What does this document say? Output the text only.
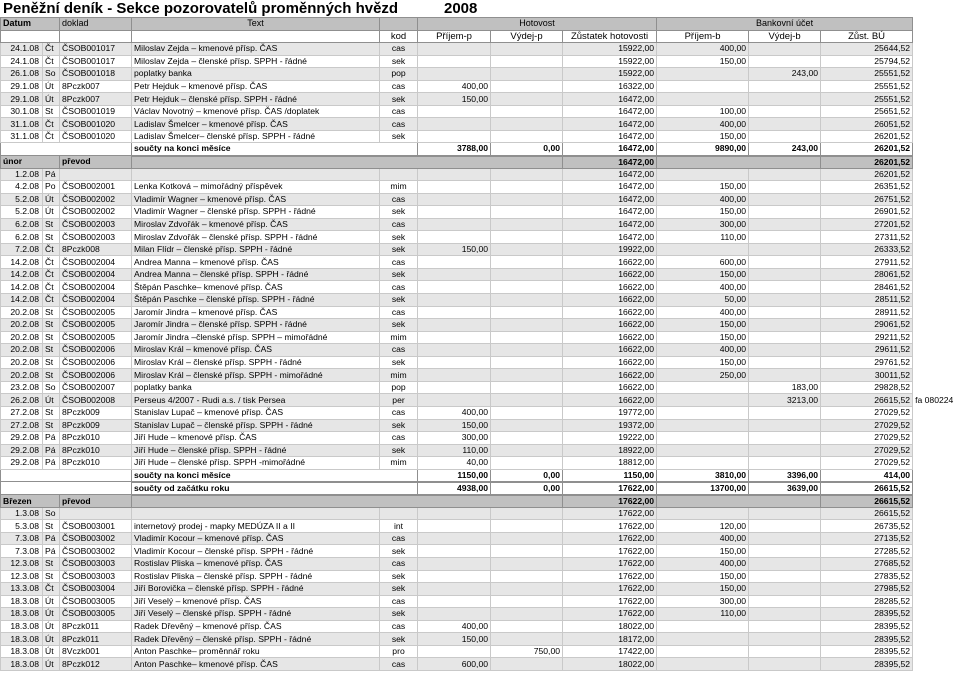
Peněžní deník - Sekce pozorovatelů proměnných hvězd	2008
Datum		doklad	Text		Hotovost			Bankovní účet			
				kod	Příjem-p	Výdej-p	Zůstatek hotovosti	Příjem-b	Výdej-b	Zůst. BÚ	
24.1.08	Čt	ČSOB001017	Miloslav Zejda – kmenové přísp. ČAS	cas			15922,00	400,00		25644,52	
24.1.08	Čt	ČSOB001017	Miloslav Zejda – členské přísp. SPPH - řádné	sek			15922,00	150,00		25794,52	
26.1.08	So	ČSOB001018	poplatky banka	pop			15922,00		243,00	25551,52	
29.1.08	Út	8Pczk007	Petr Hejduk – kmenové přísp. ČAS	cas	400,00		16322,00			25551,52	
29.1.08	Út	8Pczk007	Petr Hejduk – členské přísp. SPPH - řádné	sek	150,00		16472,00			25551,52	
30.1.08	St	ČSOB001019	Václav Novotný – kmenové přísp. ČAS /doplatek	cas			16472,00	100,00		25651,52	
31.1.08	Čt	ČSOB001020	Ladislav Šmelcer – kmenové přísp. ČAS	cas			16472,00	400,00		26051,52	
31.1.08	Čt	ČSOB001020	Ladislav Šmelcer– členské přísp. SPPH - řádné	sek			16472,00	150,00		26201,52	
			součty na konci měsíce		3788,00	0,00	16472,00	9890,00	243,00	26201,52	
únor		převod					16472,00			26201,52	
1.2.08	Pá						16472,00			26201,52	
4.2.08	Po	ČSOB002001	Lenka Kotková – mimořádný příspěvek	mim			16472,00	150,00		26351,52	
5.2.08	Út	ČSOB002002	Vladimír Wagner – kmenové přísp. ČAS	cas			16472,00	400,00		26751,52	
5.2.08	Út	ČSOB002002	Vladimír Wagner – členské přísp. SPPH - řádné	sek			16472,00	150,00		26901,52	
6.2.08	St	ČSOB002003	Miroslav Zdvořák – kmenové přísp. ČAS	cas			16472,00	300,00		27201,52	
6.2.08	St	ČSOB002003	Miroslav Zdvořák – členské přísp. SPPH - řádné	sek			16472,00	110,00		27311,52	
7.2.08	Čt	8Pczk008	Milan Flídr – členské přísp. SPPH - řádné	sek	150,00		19922,00			26333,52	
14.2.08	Čt	ČSOB002004	Andrea Manna – kmenové přísp. ČAS	cas			16622,00	600,00		27911,52	
14.2.08	Čt	ČSOB002004	Andrea Manna – členské přísp. SPPH - řádné	sek			16622,00	150,00		28061,52	
14.2.08	Čt	ČSOB002004	Štěpán Paschke– kmenové přísp. ČAS	cas			16622,00	400,00		28461,52	
14.2.08	Čt	ČSOB002004	Štěpán Paschke – členské přísp. SPPH - řádné	sek			16622,00	50,00		28511,52	
20.2.08	St	ČSOB002005	Jaromír Jindra – kmenové přísp. ČAS	cas			16622,00	400,00		28911,52	
20.2.08	St	ČSOB002005	Jaromír Jindra – členské přísp. SPPH - řádné	sek			16622,00	150,00		29061,52	
20.2.08	St	ČSOB002005	Jaromír Jindra –členské přísp. SPPH – mimořádné	mim			16622,00	150,00		29211,52	
20.2.08	St	ČSOB002006	Miroslav Král – kmenové přísp. ČAS	cas			16622,00	400,00		29611,52	
20.2.08	St	ČSOB002006	Miroslav Král – členské přísp. SPPH - řádné	sek			16622,00	150,00		29761,52	
20.2.08	St	ČSOB002006	Miroslav Král – členské přísp. SPPH - mimořádné	mim			16622,00	250,00		30011,52	
23.2.08	So	ČSOB002007	poplatky banka	pop			16622,00		183,00	29828,52	
26.2.08	Út	ČSOB002008	Perseus 4/2007 - Rudi a.s. / tisk Persea	per			16622,00		3213,00	26615,52	fa 080224
27.2.08	St	8Pczk009	Stanislav Lupač – kmenové přísp. ČAS	cas	400,00		19772,00			27029,52	
27.2.08	St	8Pczk009	Stanislav Lupač – členské přísp. SPPH - řádné	sek	150,00		19372,00			27029,52	
29.2.08	Pá	8Pczk010	Jiří Hude – kmenové přísp. ČAS	cas	300,00		19222,00			27029,52	
29.2.08	Pá	8Pczk010	Jiří Hude – členské přísp. SPPH - řádné	sek	110,00		18922,00			27029,52	
29.2.08	Pá	8Pczk010	Jiří Hude – členské přísp. SPPH -mimořádné	mim	40,00		18812,00			27029,52	
			součty na konci měsíce		1150,00	0,00	1150,00	3810,00	3396,00	414,00	
			součty od začátku roku		4938,00	0,00	17622,00	13700,00	3639,00	26615,52	
Březen		převod					17622,00			26615,52	
1.3.08	So						17622,00			26615,52	
5.3.08	St	ČSOB003001	internetový prodej - mapky MEDÚZA II a II	int			17622,00	120,00		26735,52	
7.3.08	Pá	ČSOB003002	Vladimír Kocour – kmenové přísp. ČAS	cas			17622,00	400,00		27135,52	
7.3.08	Pá	ČSOB003002	Vladimír Kocour – členské přísp. SPPH - řádné	sek			17622,00	150,00		27285,52	
12.3.08	St	ČSOB003003	Rostislav Pliska – kmenové přísp. ČAS	cas			17622,00	400,00		27685,52	
12.3.08	St	ČSOB003003	Rostislav Pliska – členské přísp. SPPH - řádné	sek			17622,00	150,00		27835,52	
13.3.08	Čt	ČSOB003004	Jiří Borovička – členské přísp. SPPH - řádné	sek			17622,00	150,00		27985,52	
18.3.08	Út	ČSOB003005	Jiří Veselý – kmenové přísp. ČAS	cas			17622,00	300,00		28285,52	
18.3.08	Út	ČSOB003005	Jiří Veselý – členské přísp. SPPH - řádné	sek			17622,00	110,00		28395,52	
18.3.08	Út	8Pczk011	Radek Dřevěný – kmenové přísp. ČAS	cas	400,00		18022,00			28395,52	
18.3.08	Út	8Pczk011	Radek Dřevěný – členské přísp. SPPH - řádné	sek	150,00		18172,00			28395,52	
18.3.08	Út	8Vczk001	Anton Paschke– proměnnář roku	pro		750,00	17422,00			28395,52	
18.3.08	Út	8Pczk012	Anton Paschke– kmenové přísp. ČAS	cas	600,00		18022,00			28395,52	
